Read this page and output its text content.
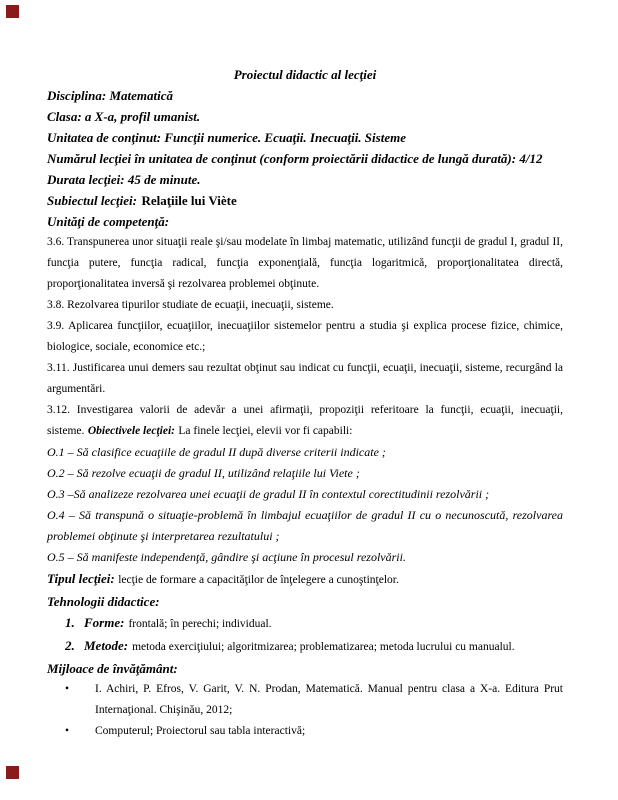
Proiectul didactic al lecţiei

Disciplina: Matematică

Clasa: a X-a, profil umanist.

Unitatea de conţinut: Funcţii numerice. Ecuaţii. Inecuaţii. Sisteme

Numărul lecţiei în unitatea de conţinut (conform proiectării didactice de lungă durată): 4/12

Durata lecţiei: 45 de minute.

Subiectul lecţiei: Relaţiile lui Viète

Unităţi de competenţă:

3.6. Transpunerea unor situaţii reale şi/sau modelate în limbaj matematic, utilizând funcţii de gradul I, gradul II, funcţia putere, funcţia radical, funcţia exponenţială, funcţia logaritmică, proporţionalitatea directă, proporţionalitatea inversă şi rezolvarea problemei obţinute.

3.8. Rezolvarea tipurilor studiate de ecuaţii, inecuaţii, sisteme.

3.9. Aplicarea funcţiilor, ecuaţiilor, inecuaţiilor sistemelor pentru a studia şi explica procese fizice, chimice, biologice, sociale, economice etc.;

3.11. Justificarea unui demers sau rezultat obţinut sau indicat cu funcţii, ecuaţii, inecuaţii, sisteme, recurgând la argumentări.

3.12. Investigarea valorii de adevăr a unei afirmaţii, propoziţii referitoare la funcţii, ecuaţii, inecuaţii, sisteme. Obiectivele lecţiei: La finele lecţiei, elevii vor fi capabili:

O.1 – Să clasifice ecuaţiile de gradul II după diverse criterii indicate ;

O.2 – Să rezolve ecuaţii de gradul II, utilizând relaţiile lui Viete ;

O.3 –Să analizeze rezolvarea unei ecuaţii de gradul II în contextul corectitudinii rezolvării ;

O.4 – Să transpună o situaţie-problemă în limbajul ecuaţiilor de gradul II cu o necunoscută, rezolvarea problemei obţinute şi interpretarea rezultatului ;

O.5 – Să manifeste independenţă, gândire şi acţiune în procesul rezolvării.

Tipul lecţiei: lecţie de formare a capacităţilor de înţelegere a cunoştinţelor.

Tehnologii didactice:

1. Forme: frontală; în perechi; individual.

2. Metode: metoda exerciţiului; algoritmizarea; problematizarea; metoda lucrului cu manualul.

Mijloace de învăţământ:

• I. Achiri, P. Efros, V. Garit, V. N. Prodan, Matematică. Manual pentru clasa a X-a. Editura Prut Internaţional. Chişinău, 2012;

• Computerul; Proiectorul sau tabla interactivă;
